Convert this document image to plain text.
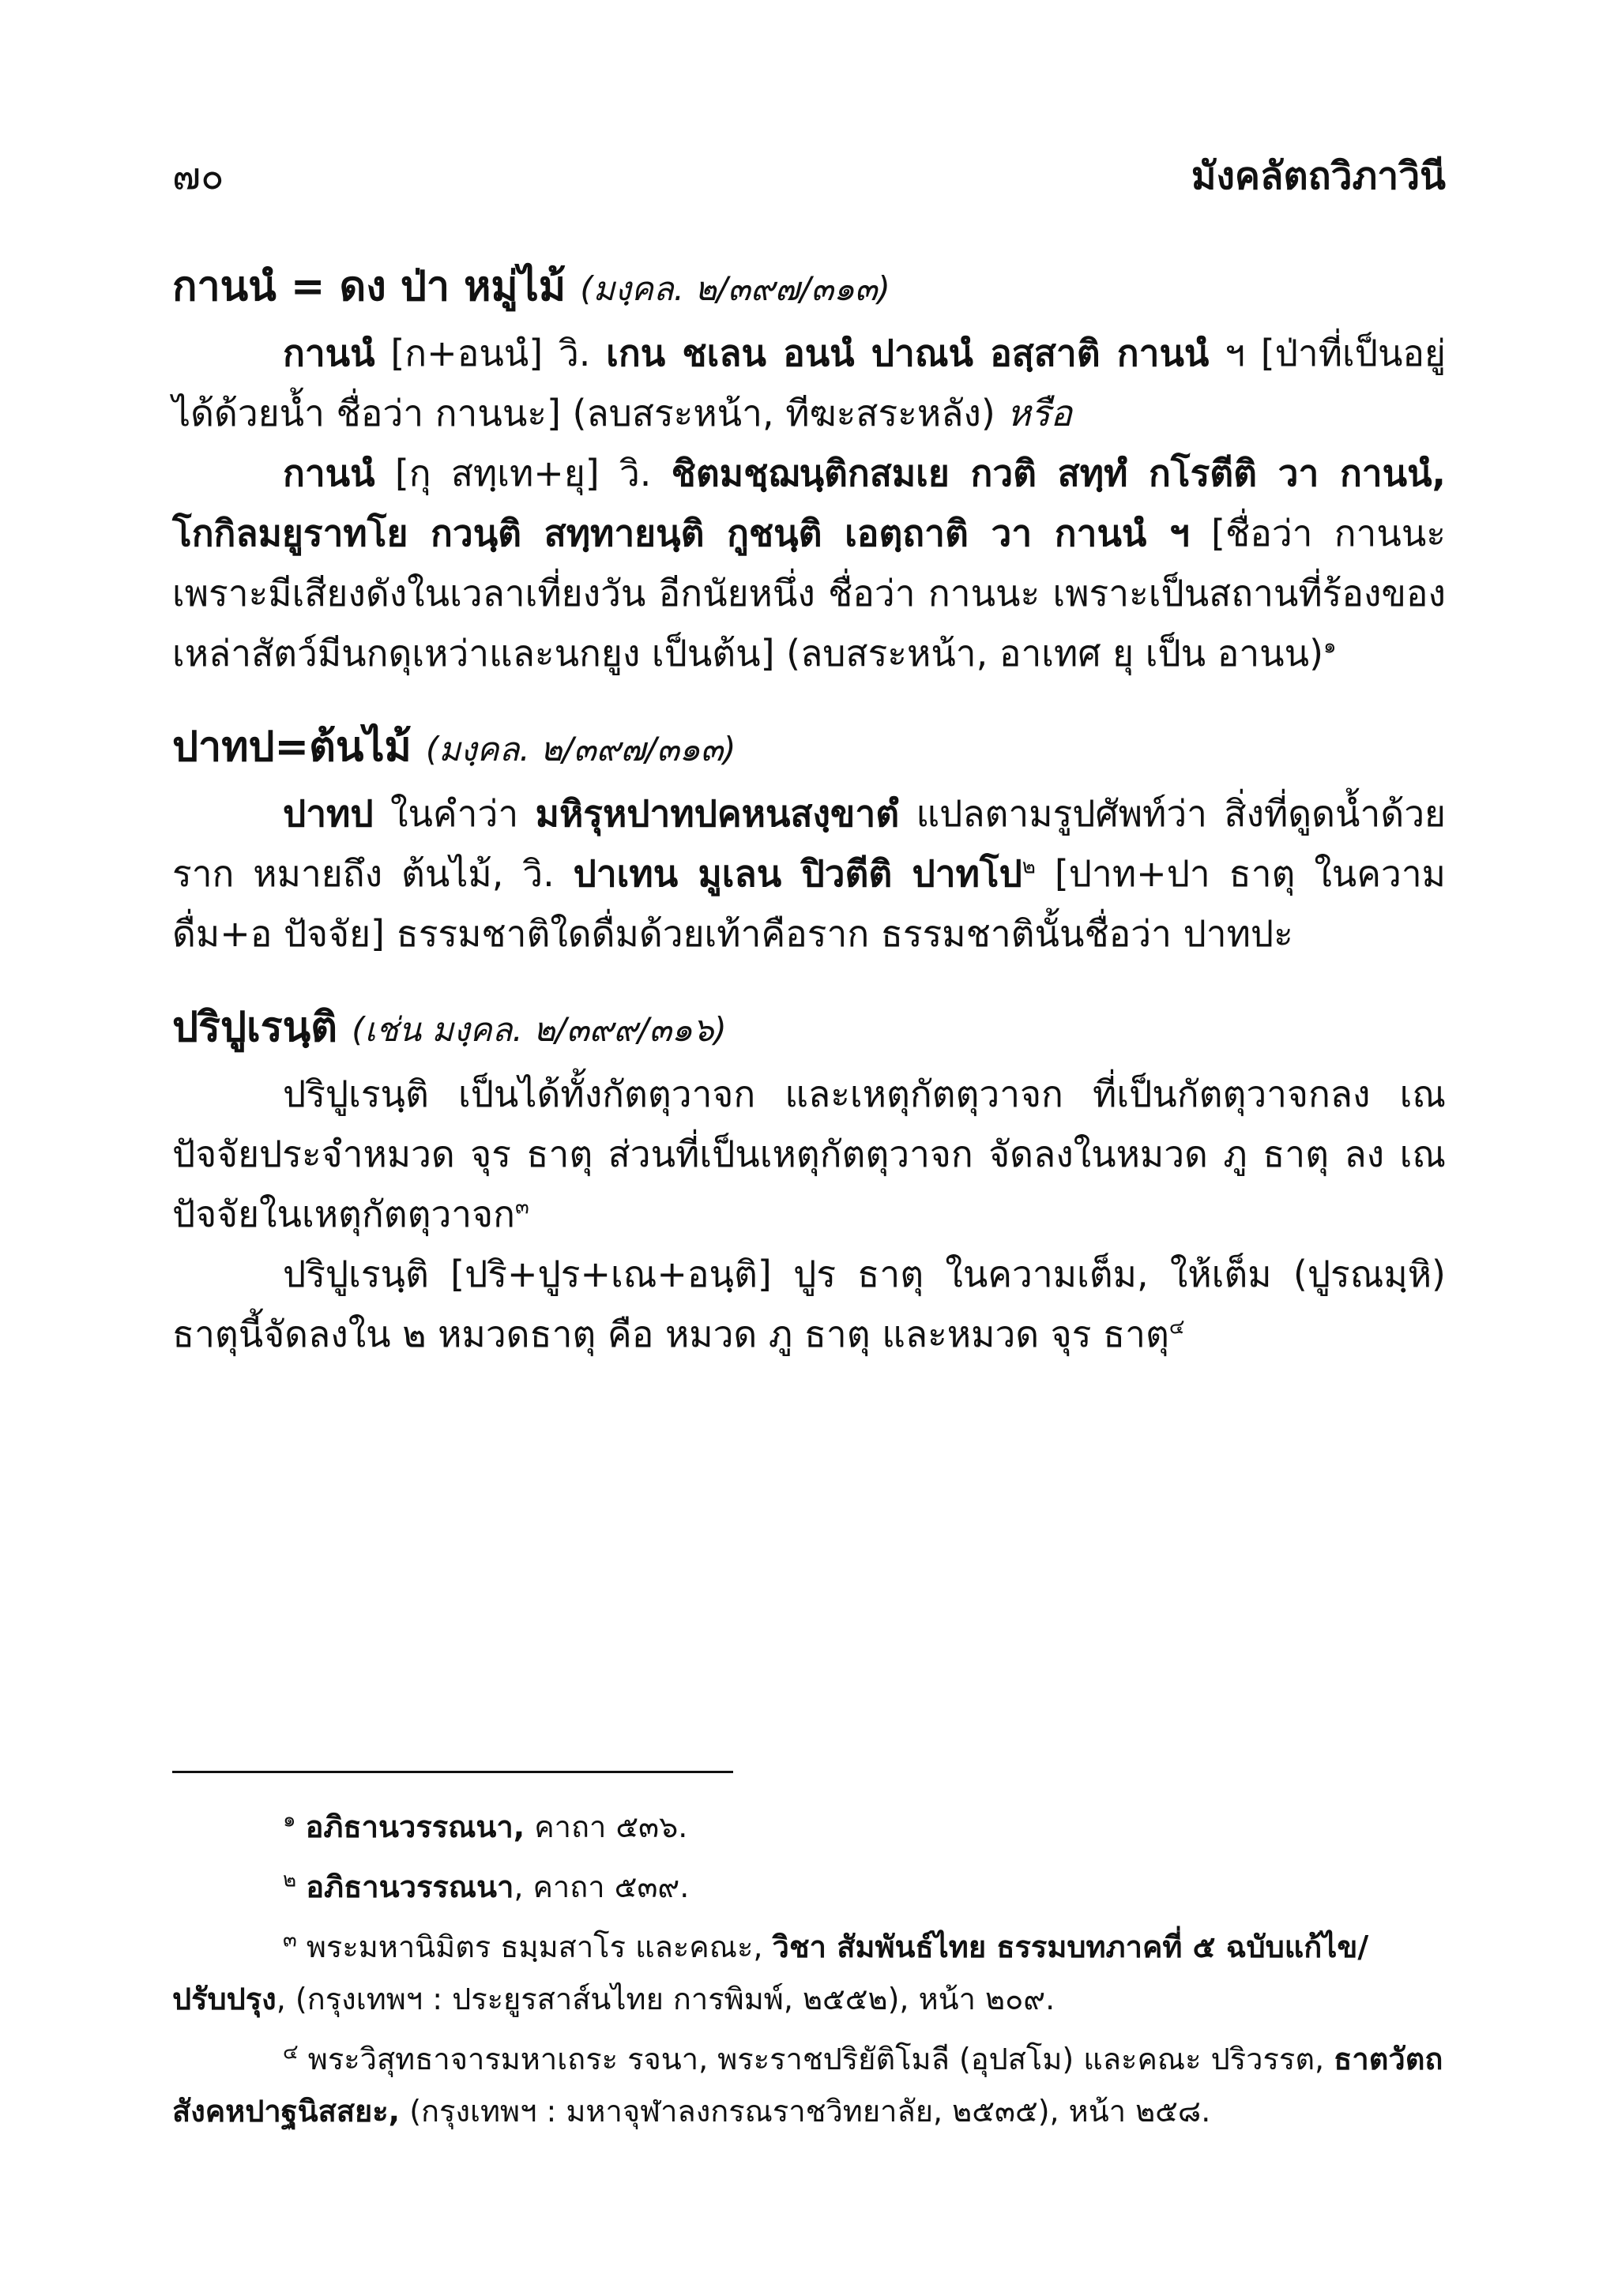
๗๐	มังคลัตถวิภาวินี

กานนํ = ดง ป่า หมู่ไม้ (มงฺคล. ๒/๓๙๗/๓๑๓)

กานนํ [ก+อนนํ] วิ. เกน ชเลน อนนํ ปาณนํ อสฺสาติ กานนํ ฯ [ป่าที่เป็นอยู่ได้ด้วยน้ำ ชื่อว่า กานนะ] (ลบสระหน้า, ทีฆะสระหลัง) หรือ

กานนํ [กุ สทฺเท+ยุ] วิ. ชิตมชฺฌนฺติกสมเย กวติ สทฺทํ กโรตีติ วา กานนํ, โกกิลมยูราทโย กวนฺติ สทฺทายนฺติ กูชนฺติ เอตฺถาติ วา กานนํ ฯ [ชื่อว่า กานนะ เพราะมีเสียงดังในเวลาเที่ยงวัน อีกนัยหนึ่ง ชื่อว่า กานนะ เพราะเป็นสถานที่ร้องของเหล่าสัตว์มีนกดุเหว่าและนกยูง เป็นต้น] (ลบสระหน้า, อาเทศ ยุ เป็น อานน)$^๑$

ปาทป=ต้นไม้ (มงฺคล. ๒/๓๙๗/๓๑๓)

ปาทป ในคำว่า มหิรุหปาทปคหนสงฺขาตํ แปลตามรูปศัพท์ว่า สิ่งที่ดูดน้ำด้วยราก หมายถึง ต้นไม้, วิ. ปาเทน มูเลน ปิวตีติ ปาทโป$^๒$ [ปาท+ปา ธาตุ ในความดื่ม+อ ปัจจัย] ธรรมชาติใดดื่มด้วยเท้าคือราก ธรรมชาตินั้นชื่อว่า ปาทปะ

ปริปูเรนฺติ (เช่น มงฺคล. ๒/๓๙๙/๓๑๖)

ปริปูเรนฺติ เป็นได้ทั้งกัตตุวาจก และเหตุกัตตุวาจก ที่เป็นกัตตุวาจกลง เณ ปัจจัยประจำหมวด จุร ธาตุ ส่วนที่เป็นเหตุกัตตุวาจก จัดลงในหมวด ภู ธาตุ ลง เณ ปัจจัยในเหตุกัตตุวาจก$^๓$

ปริปูเรนฺติ [ปริ+ปูร+เณ+อนฺติ] ปูร ธาตุ ในความเต็ม, ให้เต็ม (ปูรณมฺหิ) ธาตุนี้จัดลงใน ๒ หมวดธาตุ คือ หมวด ภู ธาตุ และหมวด จุร ธาตุ$^๔$

$^๑$ อภิธานวรรณนา, คาถา ๕๓๖.

$^๒$ อภิธานวรรณนา, คาถา ๕๓๙.

$^๓$ พระมหานิมิตร ธมฺมสาโร และคณะ, วิชา สัมพันธ์ไทย ธรรมบทภาคที่ ๕ ฉบับแก้ไข/ปรับปรุง, (กรุงเทพฯ : ประยูรสาส์นไทย การพิมพ์, ๒๕๕๒), หน้า ๒๐๙.

$^๔$ พระวิสุทธาจารมหาเถระ รจนา, พระราชปริยัติโมลี (อุปสโม) และคณะ ปริวรรต, ธาตวัตถสังคหปาฐนิสสยะ, (กรุงเทพฯ : มหาจุฬาลงกรณราชวิทยาลัย, ๒๕๓๕), หน้า ๒๕๘.
